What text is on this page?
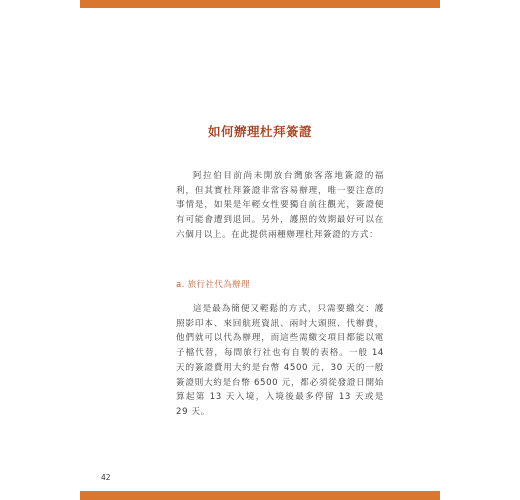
如何辦理杜拜簽證

阿拉伯目前尚未開放台灣旅客落地簽證的福利，但其實杜拜簽證非常容易辦理，唯一要注意的事情是，如果是年輕女性要獨自前往觀光，簽證便有可能會遭到退回。另外，護照的效期最好可以在六個月以上。在此提供兩種辦理杜拜簽證的方式：

a. 旅行社代為辦理

這是最為簡便又輕鬆的方式，只需要繳交：護照影印本、來回航班資訊、兩吋大頭照、代辦費，他們就可以代為辦理，而這些需繳交項目都能以電子檔代替，每間旅行社也有自製的表格。一般 14 天的簽證費用大約是台幣 4500 元，30 天的一般簽證則大約是台幣 6500 元，都必須從發證日開始算起第 13 天入境，入境後最多停留 13 天或是 29 天。

42
